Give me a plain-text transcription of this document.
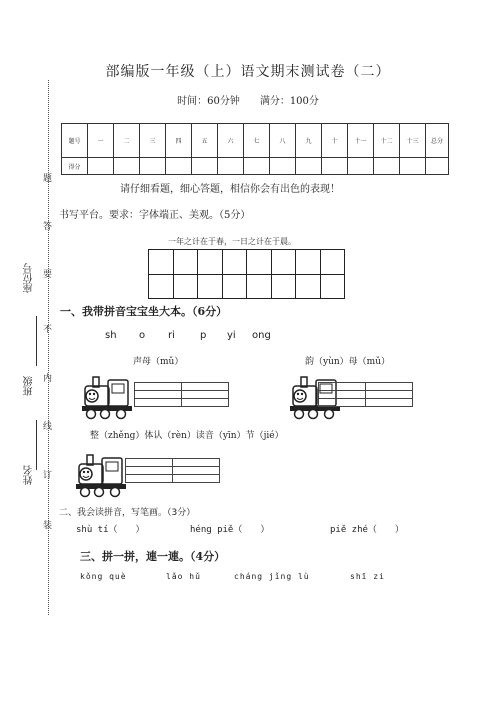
题
答
要
不
内
线
订
装
座位号
班级
姓名
部编版一年级（上）语文期末测试卷（二）
时间：60分钟　　满分：100分
题号	一	二	三	四	五	六	七	八	九	十	十一	十二	十三	总分
得分														
请仔细看题，细心答题，相信你会有出色的表现！
书写平台。要求：字体端正、美观。（5分）
一年之计在于春，一日之计在于晨。
一、我带拼音宝宝坐大本。（6分）
sh o ri	p yi ong
声母（mǔ）	韵（yùn）母（mǔ）

整（zhěng）体认（rèn）读音（yīn）节（jié）

二、我会读拼音，写笔画。（3分）
shù tí（　　）	héng piě（　　）	piě zhé（　　）
三、拼一拼，連一連。（4分）
kǒng què	lǎo hǔ	cháng jǐng lù	shī zi
